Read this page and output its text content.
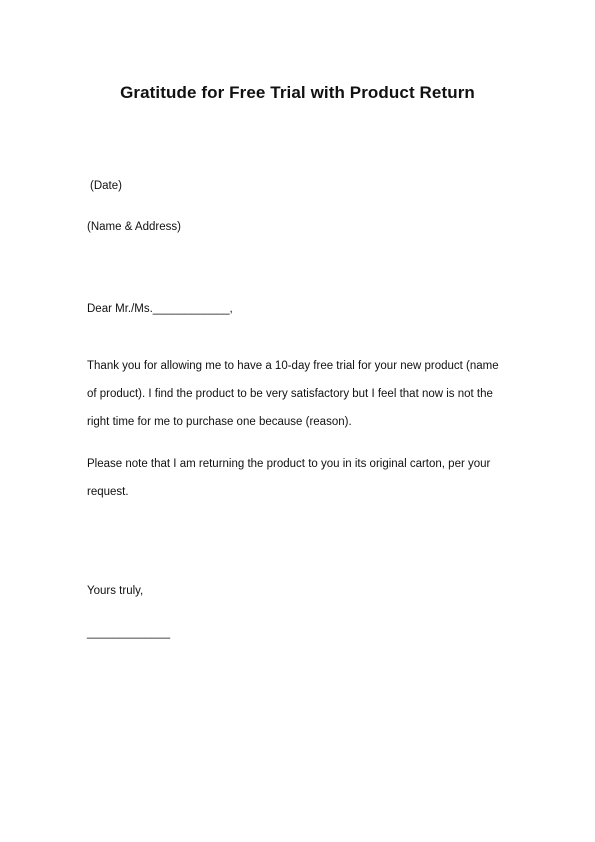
Gratitude for Free Trial with Product Return
(Date)
(Name & Address)
Dear Mr./Ms.____________,
Thank you for allowing me to have a 10-day free trial for your new product (name
of product). I find the product to be very satisfactory but I feel that now is not the
right time for me to purchase one because (reason).
Please note that I am returning the product to you in its original carton, per your
request.
Yours truly,
_____________
